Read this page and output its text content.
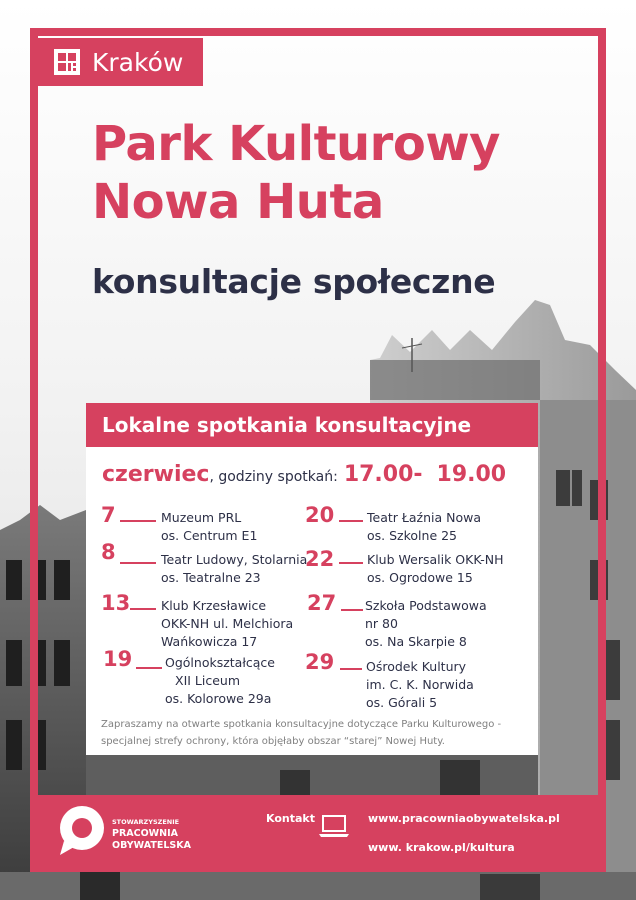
Kraków
Park Kulturowy
Nowa Huta
konsultacje społeczne
Lokalne spotkania konsultacyjne
czerwiec , godziny spotkań: 17.00- 19.00
7	Muzeum PRL
os. Centrum E1
8	Teatr Ludowy, Stolarnia
os. Teatralne 23
13 Klub Krzesławice
OKK-NH ul. Melchiora
Wańkowicza 17
19	Ogólnokształcące
XII Liceum
os. Kolorowe 29a
20	Teatr Łaźnia Nowa
os. Szkolne 25
22	Klub Wersalik OKK-NH
os. Ogrodowe 15
27 Szkoła Podstawowa
nr 80
os. Na Skarpie 8
29	Ośrodek Kultury
im. C. K. Norwida
os. Górali 5
Zapraszamy na otwarte spotkania konsultacyjne dotyczące Parku Kulturowego - specjalnej strefy ochrony, która objęłaby obszar “starej” Nowej Huty.
STOWARZYSZENIE
PRACOWNIA
OBYWATELSKA
Kontakt	www.pracowniaobywatelska.pl
www. krakow.pl/kultura
